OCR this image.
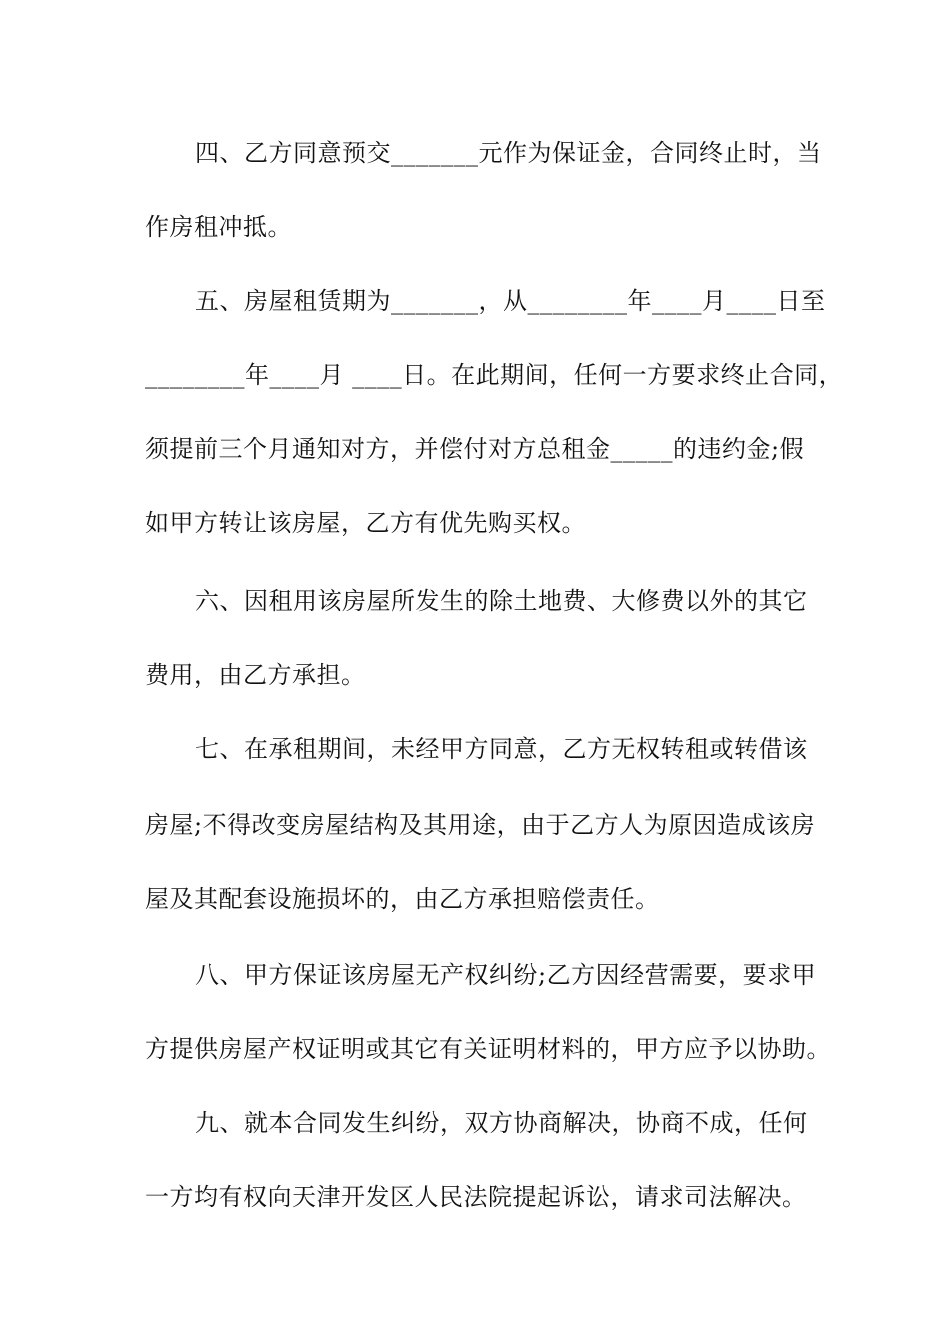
四、乙方同意预交_______元作为保证金，合同终止时，当
作房租冲抵。
五、房屋租赁期为_______，从________年____月____日至
________年____月 ____日。在此期间，任何一方要求终止合同，
须提前三个月通知对方，并偿付对方总租金_____的违约金;假
如甲方转让该房屋，乙方有优先购买权。
六、因租用该房屋所发生的除土地费、大修费以外的其它
费用，由乙方承担。
七、在承租期间，未经甲方同意，乙方无权转租或转借该
房屋;不得改变房屋结构及其用途，由于乙方人为原因造成该房
屋及其配套设施损坏的，由乙方承担赔偿责任。
八、甲方保证该房屋无产权纠纷;乙方因经营需要，要求甲
方提供房屋产权证明或其它有关证明材料的，甲方应予以协助。
九、就本合同发生纠纷，双方协商解决，协商不成，任何
一方均有权向天津开发区人民法院提起诉讼，请求司法解决。
